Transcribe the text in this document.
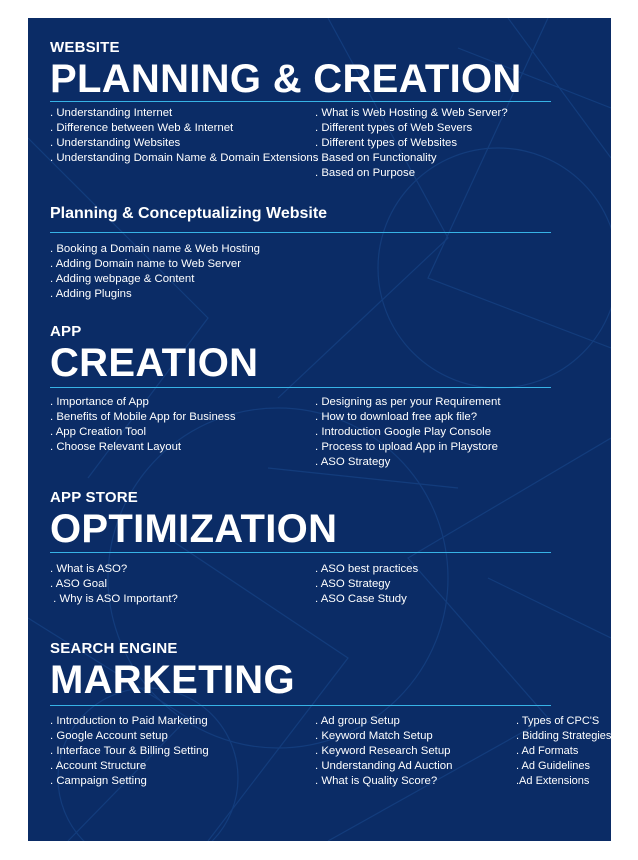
WEBSITE
PLANNING & CREATION
. Understanding Internet
. Difference between Web & Internet
. Understanding Websites
. Understanding Domain Name & Domain Extensions
. What is Web Hosting & Web Server?
. Different types of Web Severs
. Different types of Websites
. Based on Functionality
. Based on Purpose
Planning & Conceptualizing Website
. Booking a Domain name & Web Hosting
. Adding Domain name to Web Server
. Adding webpage & Content
. Adding Plugins
APP
CREATION
. Importance of App
. Benefits of Mobile App for Business
. App Creation Tool
. Choose Relevant Layout
. Designing as per your Requirement
. How to download free apk file?
. Introduction Google Play Console
. Process to upload App in Playstore
. ASO Strategy
APP STORE
OPTIMIZATION
. What is ASO?
. ASO Goal
. Why is ASO Important?
. ASO best practices
. ASO Strategy
. ASO Case Study
SEARCH ENGINE
MARKETING
. Introduction to Paid Marketing
. Google Account setup
. Interface Tour & Billing Setting
. Account Structure
. Campaign Setting
. Ad group Setup
. Keyword Match Setup
. Keyword Research Setup
. Understanding Ad Auction
. What is Quality Score?
. Types of CPC'S
. Bidding Strategies
. Ad Formats
. Ad Guidelines
.Ad Extensions
